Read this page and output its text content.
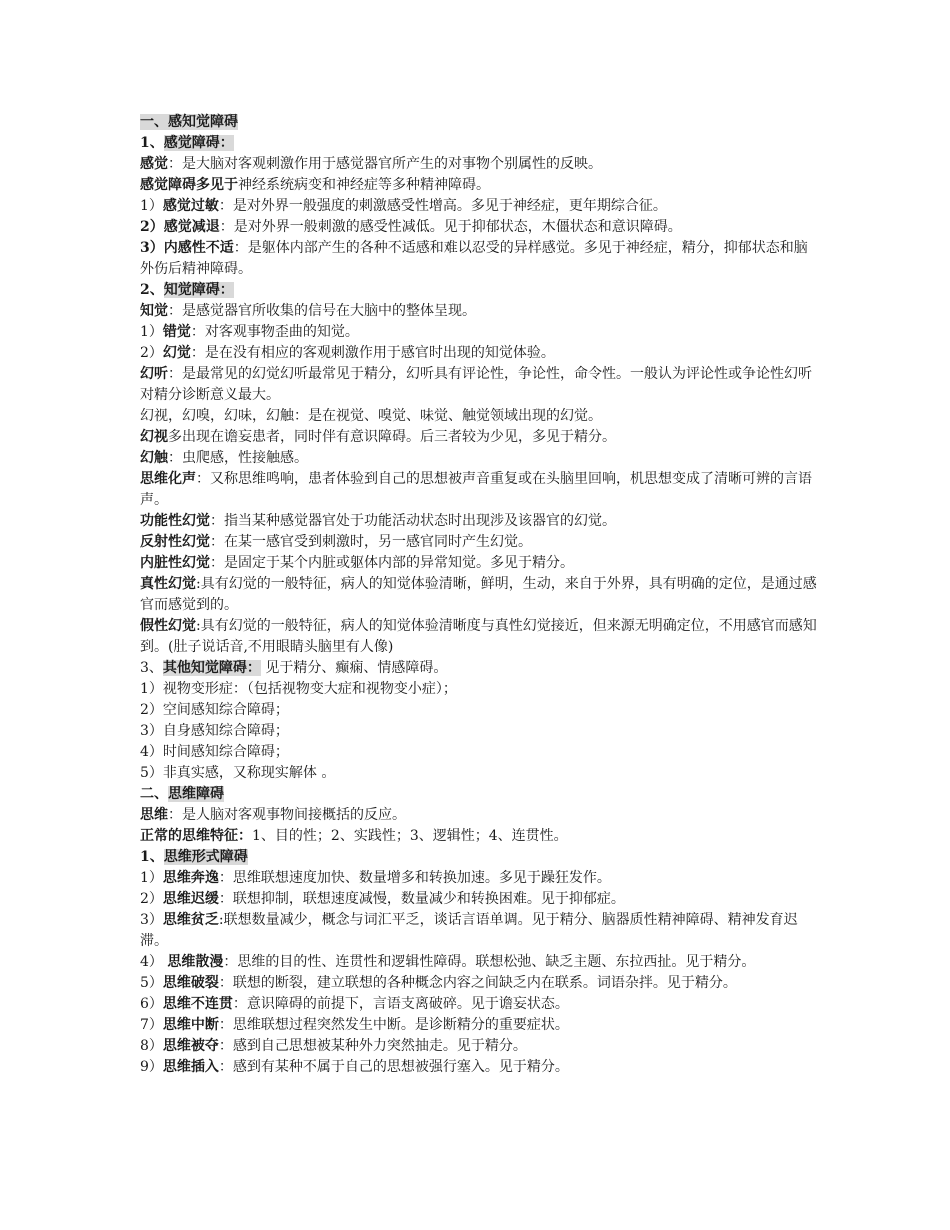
一、感知觉障碍

1、感觉障碍：

感觉：是大脑对客观刺激作用于感觉器官所产生的对事物个别属性的反映。

感觉障碍多见于神经系统病变和神经症等多种精神障碍。

1）感觉过敏：是对外界一般强度的刺激感受性增高。多见于神经症，更年期综合征。

2）感觉减退：是对外界一般刺激的感受性减低。见于抑郁状态，木僵状态和意识障碍。

3）内感性不适：是躯体内部产生的各种不适感和难以忍受的异样感觉。多见于神经症，精分，抑郁状态和脑外伤后精神障碍。

2、知觉障碍：

知觉：是感觉器官所收集的信号在大脑中的整体呈现。

1）错觉：对客观事物歪曲的知觉。

2）幻觉：是在没有相应的客观刺激作用于感官时出现的知觉体验。

幻听：是最常见的幻觉幻听最常见于精分，幻听具有评论性，争论性，命令性。一般认为评论性或争论性幻听对精分诊断意义最大。

幻视，幻嗅，幻味，幻触：是在视觉、嗅觉、味觉、触觉领域出现的幻觉。

幻视多出现在谵妄患者，同时伴有意识障碍。后三者较为少见，多见于精分。

幻触：虫爬感，性接触感。

思维化声：又称思维鸣响，患者体验到自己的思想被声音重复或在头脑里回响，机思想变成了清晰可辨的言语声。

功能性幻觉：指当某种感觉器官处于功能活动状态时出现涉及该器官的幻觉。

反射性幻觉：在某一感官受到刺激时，另一感官同时产生幻觉。

内脏性幻觉：是固定于某个内脏或躯体内部的异常知觉。多见于精分。

真性幻觉:具有幻觉的一般特征，病人的知觉体验清晰，鲜明，生动，来自于外界，具有明确的定位，是通过感官而感觉到的。

假性幻觉:具有幻觉的一般特征，病人的知觉体验清晰度与真性幻觉接近，但来源无明确定位，不用感官而感知到。(肚子说话音,不用眼睛头脑里有人像)

3、其他知觉障碍： 见于精分、癫痫、情感障碍。

1）视物变形症：（包括视物变大症和视物变小症）；

2）空间感知综合障碍；

3）自身感知综合障碍；

4）时间感知综合障碍；

5）非真实感，又称现实解体 。

二、思维障碍

思维：是人脑对客观事物间接概括的反应。

正常的思维特征：1、目的性；2、实践性；3、逻辑性；4、连贯性。

1、思维形式障碍

1）思维奔逸：思维联想速度加快、数量增多和转换加速。多见于躁狂发作。

2）思维迟缓：联想抑制，联想速度减慢，数量减少和转换困难。见于抑郁症。

3）思维贫乏:联想数量减少，概念与词汇平乏，谈话言语单调。见于精分、脑器质性精神障碍、精神发育迟滞。

4） 思维散漫：思维的目的性、连贯性和逻辑性障碍。联想松弛、缺乏主题、东拉西扯。见于精分。

5）思维破裂：联想的断裂，建立联想的各种概念内容之间缺乏内在联系。词语杂拌。见于精分。

6）思维不连贯：意识障碍的前提下，言语支离破碎。见于谵妄状态。

7）思维中断：思维联想过程突然发生中断。是诊断精分的重要症状。

8）思维被夺：感到自己思想被某种外力突然抽走。见于精分。

9）思维插入：感到有某种不属于自己的思想被强行塞入。见于精分。
